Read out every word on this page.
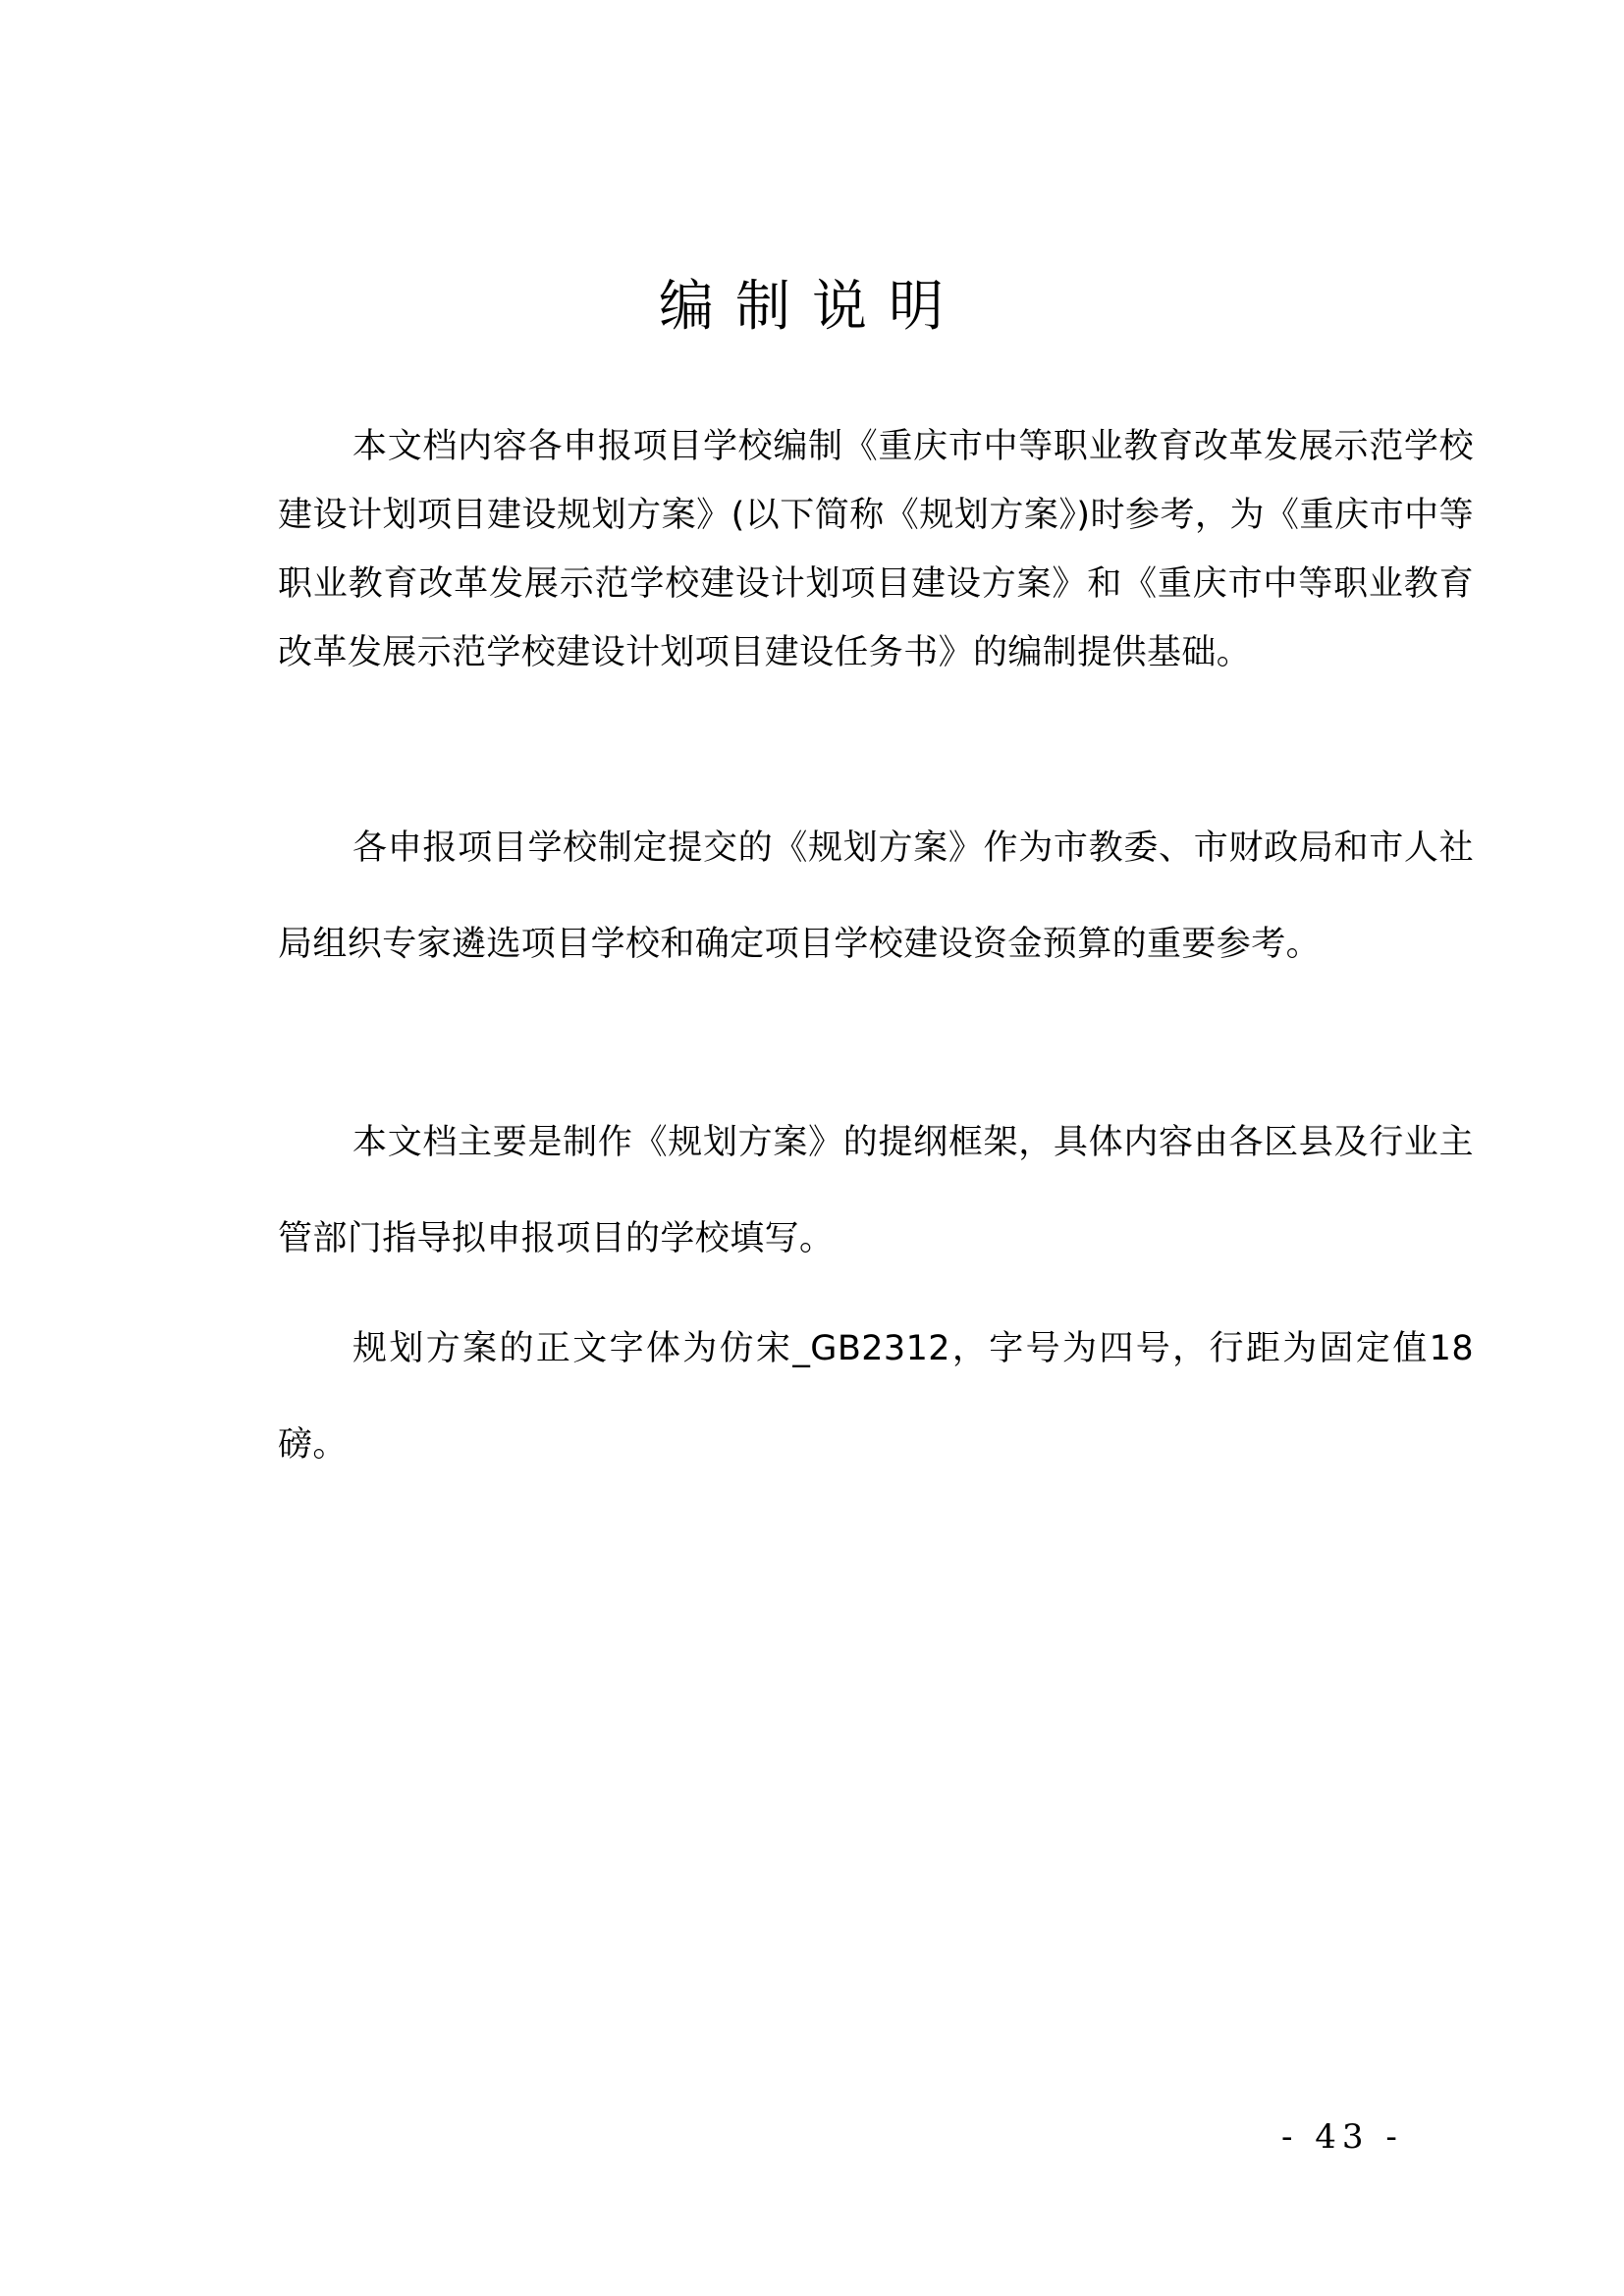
编制说明

本文档内容各申报项目学校编制《重庆市中等职业教育改革发展示范学校建设计划项目建设规划方案》(以下简称《规划方案》)时参考，为《重庆市中等职业教育改革发展示范学校建设计划项目建设方案》和《重庆市中等职业教育改革发展示范学校建设计划项目建设任务书》的编制提供基础。

各申报项目学校制定提交的《规划方案》作为市教委、市财政局和市人社局组织专家遴选项目学校和确定项目学校建设资金预算的重要参考。

本文档主要是制作《规划方案》的提纲框架，具体内容由各区县及行业主管部门指导拟申报项目的学校填写。

规划方案的正文字体为仿宋_GB2312，字号为四号，行距为固定值18磅。

- 43 -
